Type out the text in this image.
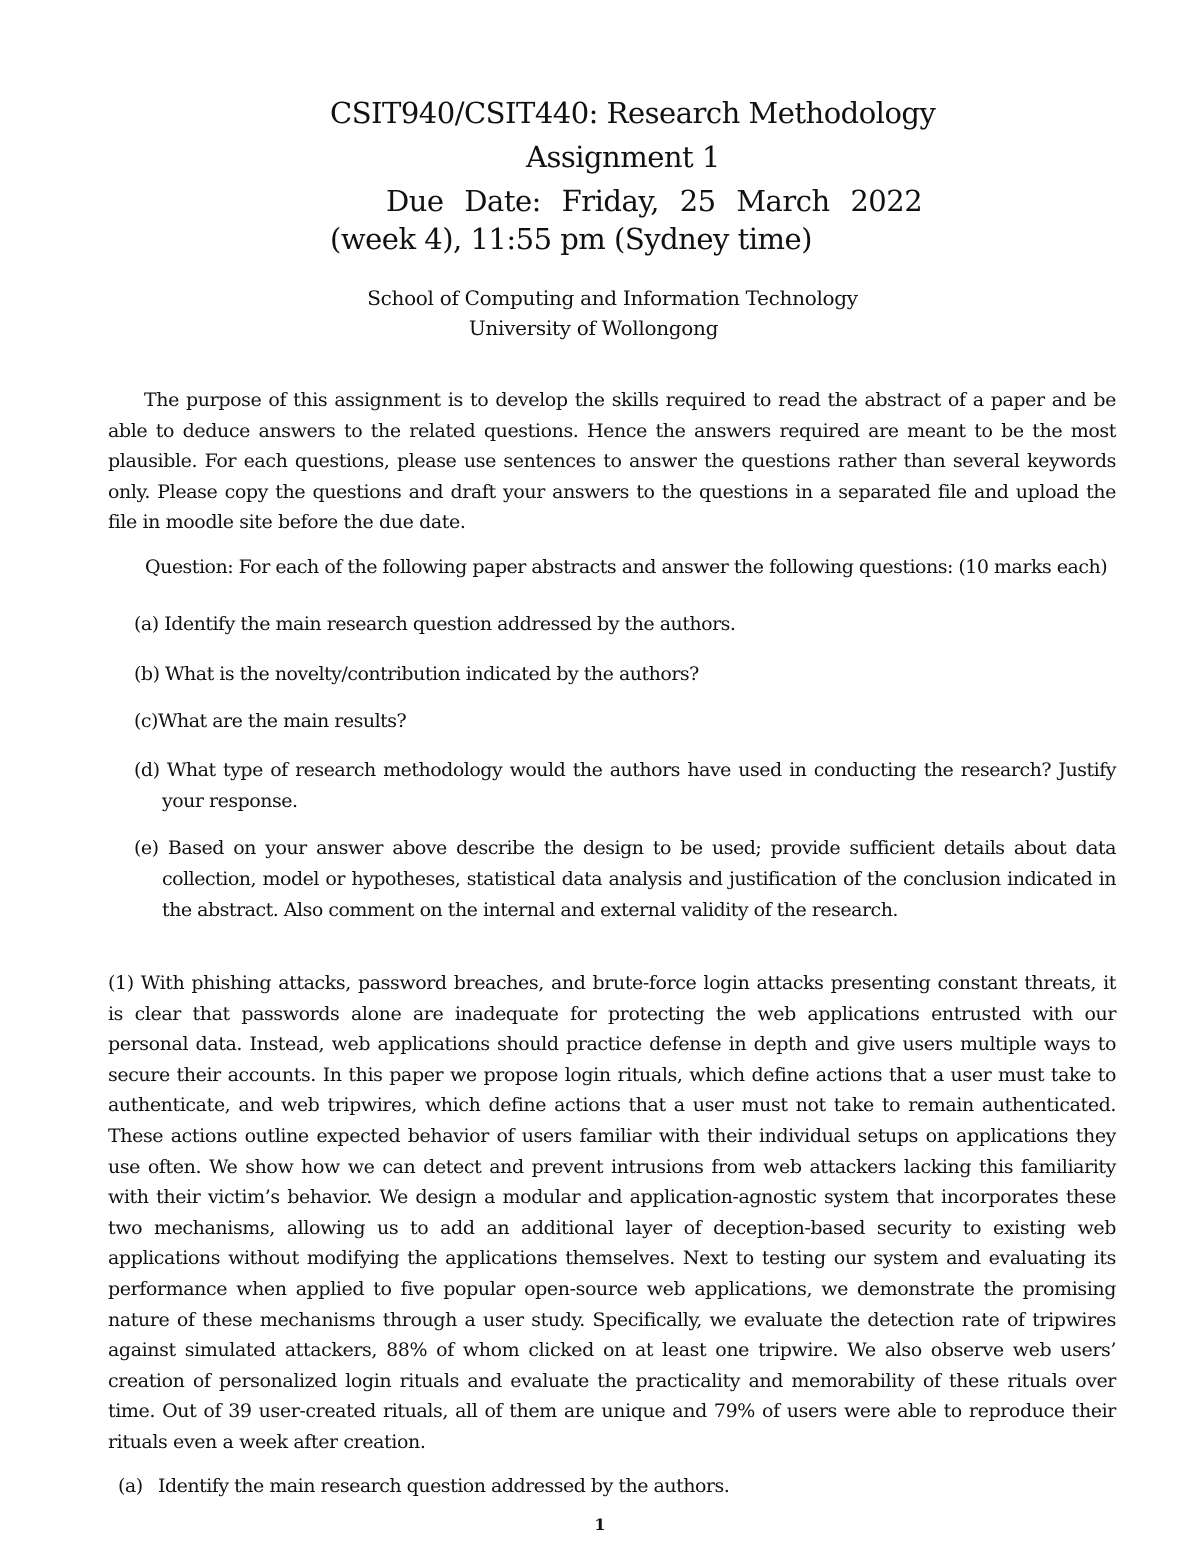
CSIT940/CSIT440: Research Methodology
Assignment 1
Due Date: Friday, 25 March 2022
(week 4), 11:55 pm (Sydney time)
School of Computing and Information Technology
University of Wollongong
The purpose of this assignment is to develop the skills required to read the abstract of a paper and be able to deduce answers to the related questions. Hence the answers required are meant to be the most plausible. For each questions, please use sentences to answer the questions rather than several keywords only. Please copy the questions and draft your answers to the questions in a separated file and upload the file in moodle site before the due date.
Question: For each of the following paper abstracts and answer the following questions: (10 marks each)
(a) Identify the main research question addressed by the authors.
(b) What is the novelty/contribution indicated by the authors?
(c)What are the main results?
(d) What type of research methodology would the authors have used in conducting the research? Justify your response.
(e) Based on your answer above describe the design to be used; provide sufficient details about data collection, model or hypotheses, statistical data analysis and justification of the conclusion indicated in the abstract. Also comment on the internal and external validity of the research.
(1) With phishing attacks, password breaches, and brute-force login attacks presenting constant threats, it is clear that passwords alone are inadequate for protecting the web applications entrusted with our personal data. Instead, web applications should practice defense in depth and give users multiple ways to secure their accounts. In this paper we propose login rituals, which define actions that a user must take to authenticate, and web tripwires, which define actions that a user must not take to remain authenticated. These actions outline expected behavior of users familiar with their individual setups on applications they use often. We show how we can detect and prevent intrusions from web attackers lacking this familiarity with their victim’s behavior. We design a modular and application-agnostic system that incorporates these two mechanisms, allowing us to add an additional layer of deception-based security to existing web applications without modifying the applications themselves. Next to testing our system and evaluating its performance when applied to five popular open-source web applications, we demonstrate the promising nature of these mechanisms through a user study. Specifically, we evaluate the detection rate of tripwires against simulated attackers, 88% of whom clicked on at least one tripwire. We also observe web users’ creation of personalized login rituals and evaluate the practicality and memorability of these rituals over time. Out of 39 user-created rituals, all of them are unique and 79% of users were able to reproduce their rituals even a week after creation.
(a) Identify the main research question addressed by the authors.
1
